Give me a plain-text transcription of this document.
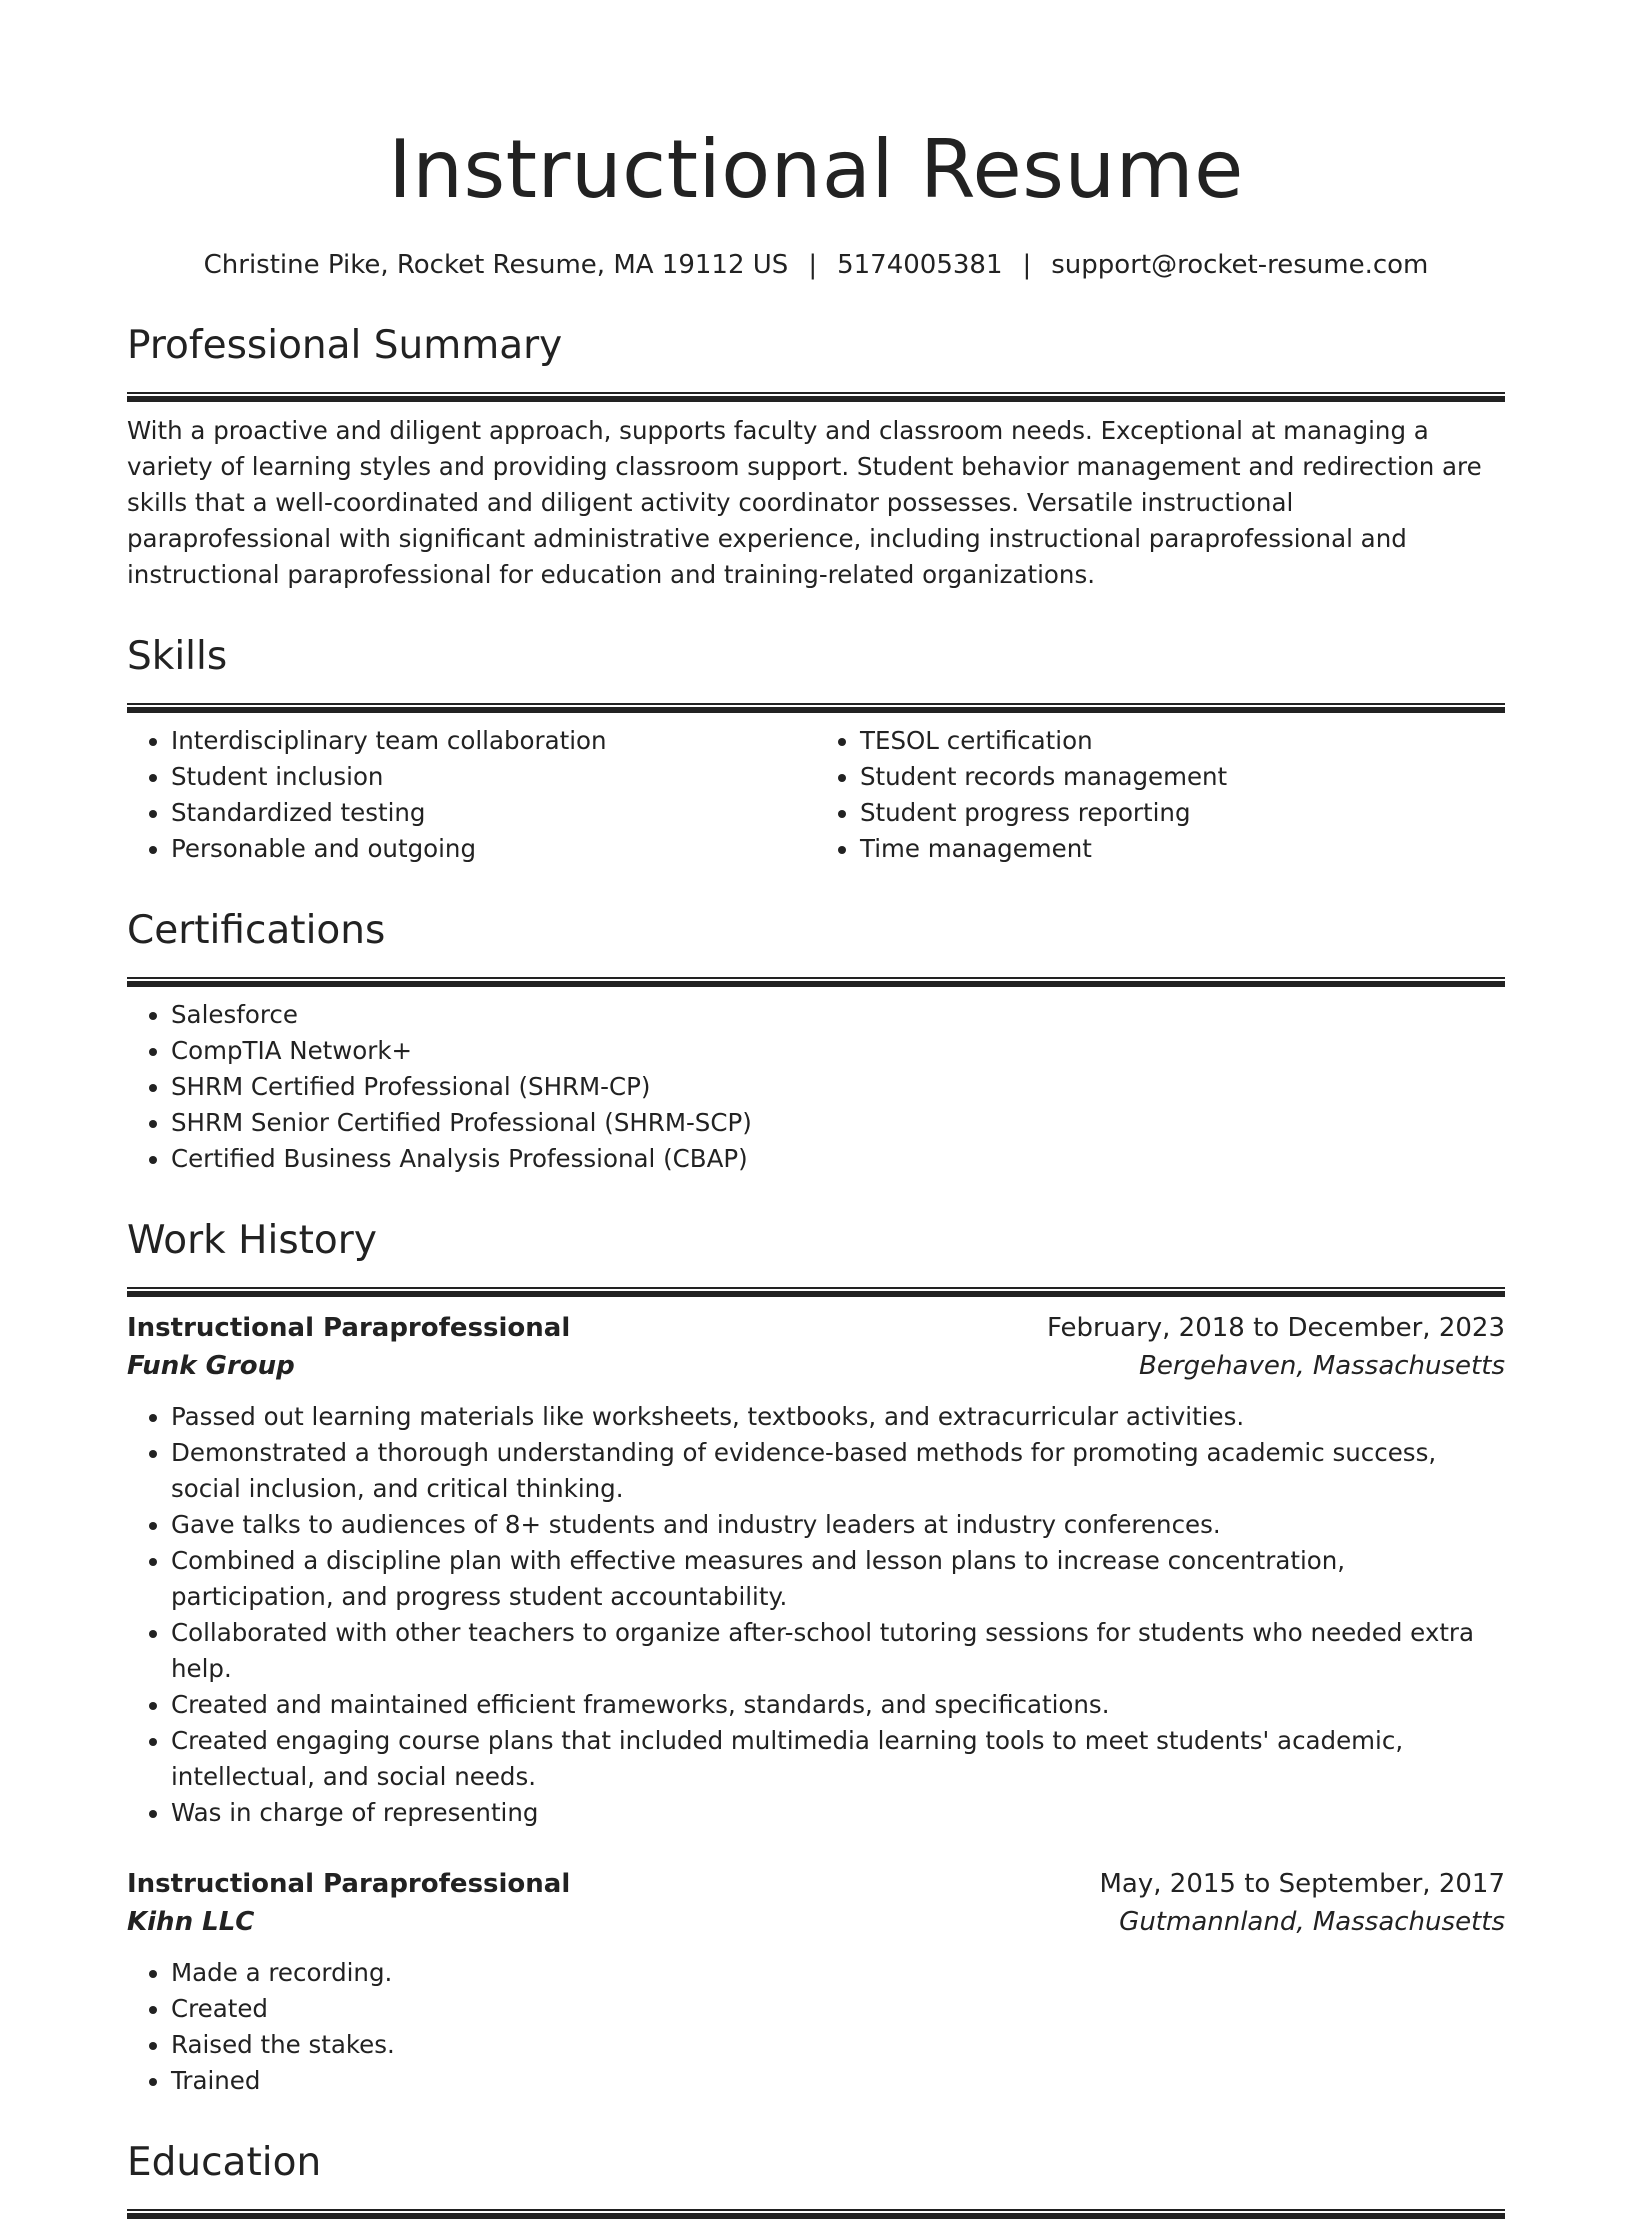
Instructional Resume
Christine Pike, Rocket Resume, MA 19112 US | 5174005381 | support@rocket-resume.com
Professional Summary

With a proactive and diligent approach, supports faculty and classroom needs. Exceptional at managing a variety of learning styles and providing classroom support. Student behavior management and redirection are skills that a well-coordinated and diligent activity coordinator possesses. Versatile instructional paraprofessional with significant administrative experience, including instructional paraprofessional and instructional paraprofessional for education and training-related organizations.

Skills
• Interdisciplinary team collaboration
• Student inclusion
• Standardized testing
• Personable and outgoing
• TESOL certification
• Student records management
• Student progress reporting
• Time management
Certifications
• Salesforce
• CompTIA Network+
• SHRM Certified Professional (SHRM-CP)
• SHRM Senior Certified Professional (SHRM-SCP)
• Certified Business Analysis Professional (CBAP)
Work History
Instructional Paraprofessional	February, 2018 to December, 2023
Funk Group	Bergehaven, Massachusetts
• Passed out learning materials like worksheets, textbooks, and extracurricular activities.
• Demonstrated a thorough understanding of evidence-based methods for promoting academic success, social inclusion, and critical thinking.
• Gave talks to audiences of 8+ students and industry leaders at industry conferences.
• Combined a discipline plan with effective measures and lesson plans to increase concentration, participation, and progress student accountability.
• Collaborated with other teachers to organize after-school tutoring sessions for students who needed extra help.
• Created and maintained efficient frameworks, standards, and specifications.
• Created engaging course plans that included multimedia learning tools to meet students' academic, intellectual, and social needs.
• Was in charge of representing
Instructional Paraprofessional	May, 2015 to September, 2017
Kihn LLC	Gutmannland, Massachusetts
• Made a recording.
• Created
• Raised the stakes.
• Trained
Education
